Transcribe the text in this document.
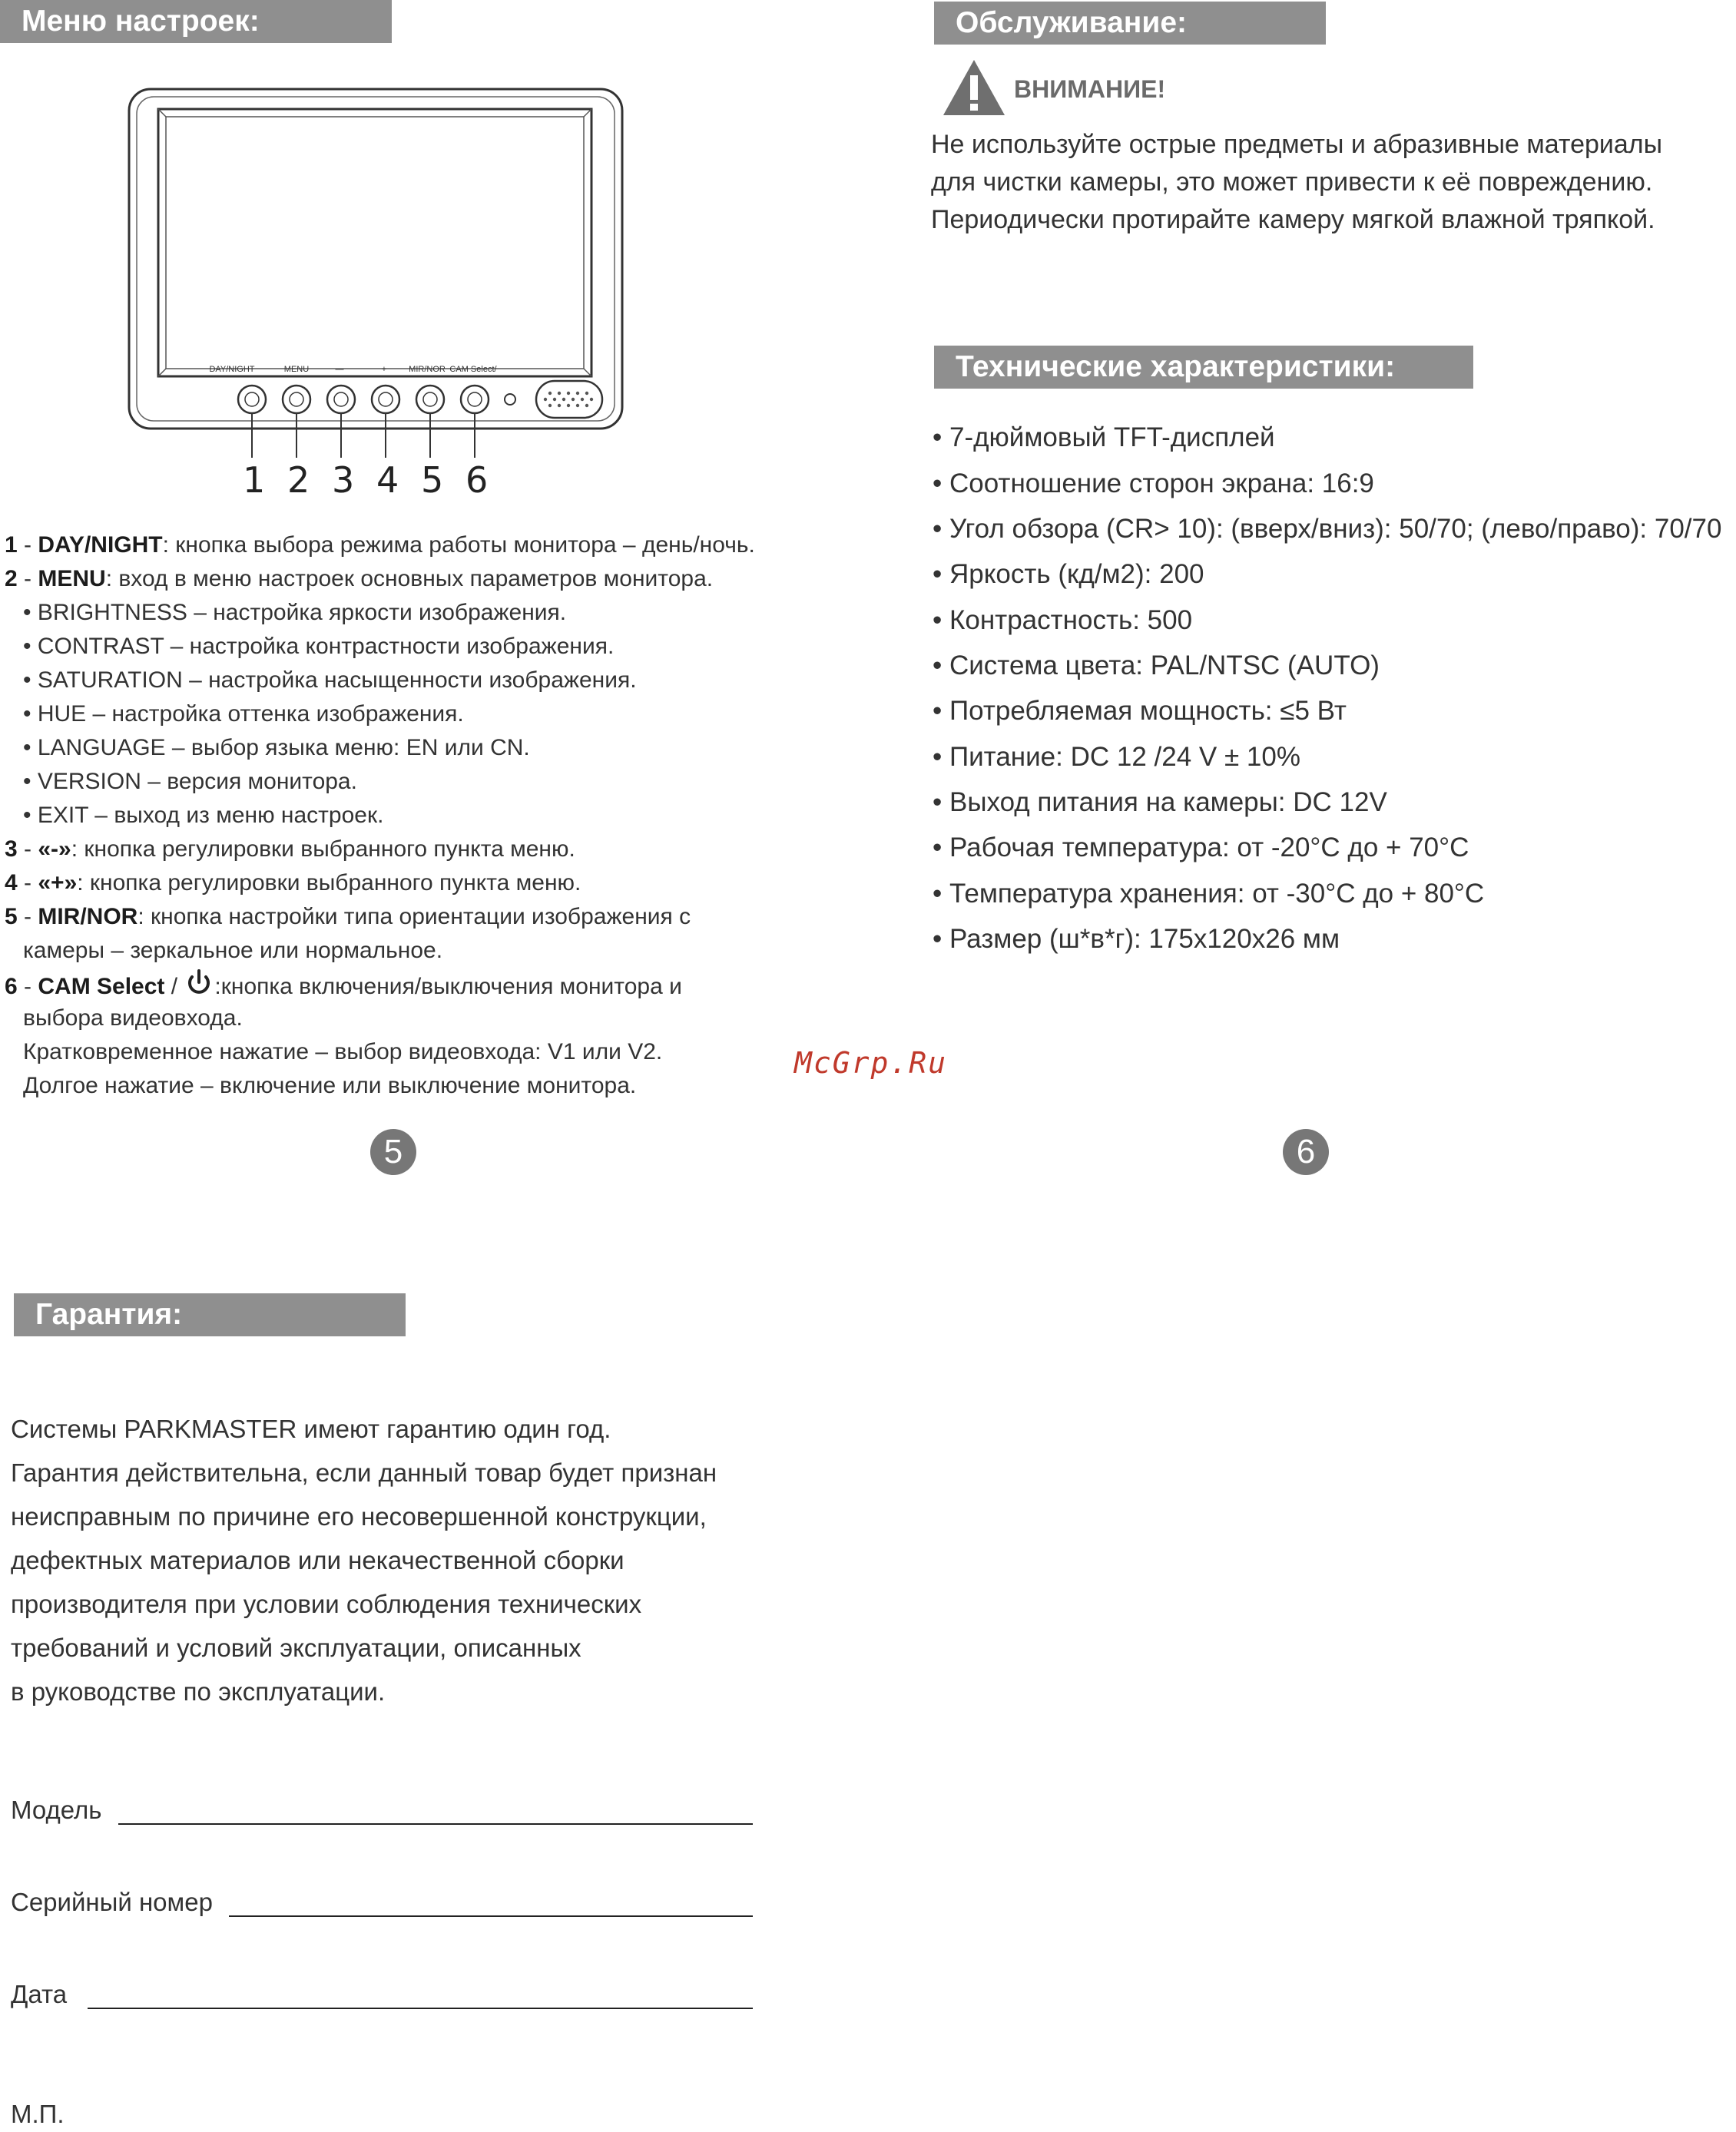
Меню настроек:
DAY/NIGHT	MENU	—	+	MIR/NOR CAM Select/
1 2 3 4 5 6
1 - DAY/NIGHT: кнопка выбора режима работы монитора – день/ночь.
2 - MENU: вход в меню настроек основных параметров монитора.
• BRIGHTNESS – настройка яркости изображения.
• CONTRAST – настройка контрастности изображения.
• SATURATION – настройка насыщенности изображения.
• HUE – настройка оттенка изображения.
• LANGUAGE – выбор языка меню: EN или CN.
• VERSION – версия монитора.
• EXIT – выход из меню настроек.
3 - «-»: кнопка регулировки выбранного пункта меню.
4 - «+»: кнопка регулировки выбранного пункта меню.
5 - MIR/NOR: кнопка настройки типа ориентации изображения с
камеры – зеркальное или нормальное.
6 - CAM Select / :кнопка включения/выключения монитора и
выбора видеовхода.
Кратковременное нажатие – выбор видеовхода: V1 или V2.
Долгое нажатие – включение или выключение монитора.
5
McGrp.Ru
Обслуживание:
ВНИМАНИЕ!
Не используйте острые предметы и абразивные материалы
для чистки камеры, это может привести к её повреждению.
Периодически протирайте камеру мягкой влажной тряпкой.
Технические характеристики:
• 7-дюймовый TFT-дисплей
• Соотношение сторон экрана: 16:9
• Угол обзора (CR> 10): (вверх/вниз): 50/70; (лево/право): 70/70
• Яркость (кд/м2): 200
• Контрастность: 500
• Система цвета: PAL/NTSC (AUTO)
• Потребляемая мощность: ≤5 Вт
• Питание: DC 12 /24 V ± 10%
• Выход питания на камеры: DC 12V
• Рабочая температура: от -20°C до + 70°C
• Температура хранения: от -30°C до + 80°C
• Размер (ш*в*г): 175x120x26 мм
6
Гарантия:
Системы PARKMASTER имеют гарантию один год.
Гарантия действительна, если данный товар будет признан
неисправным по причине его несовершенной конструкции,
дефектных материалов или некачественной сборки
производителя при условии соблюдения технических
требований и условий эксплуатации, описанных
в руководстве по эксплуатации.
Модель
Серийный номер
Дата
М.П.
